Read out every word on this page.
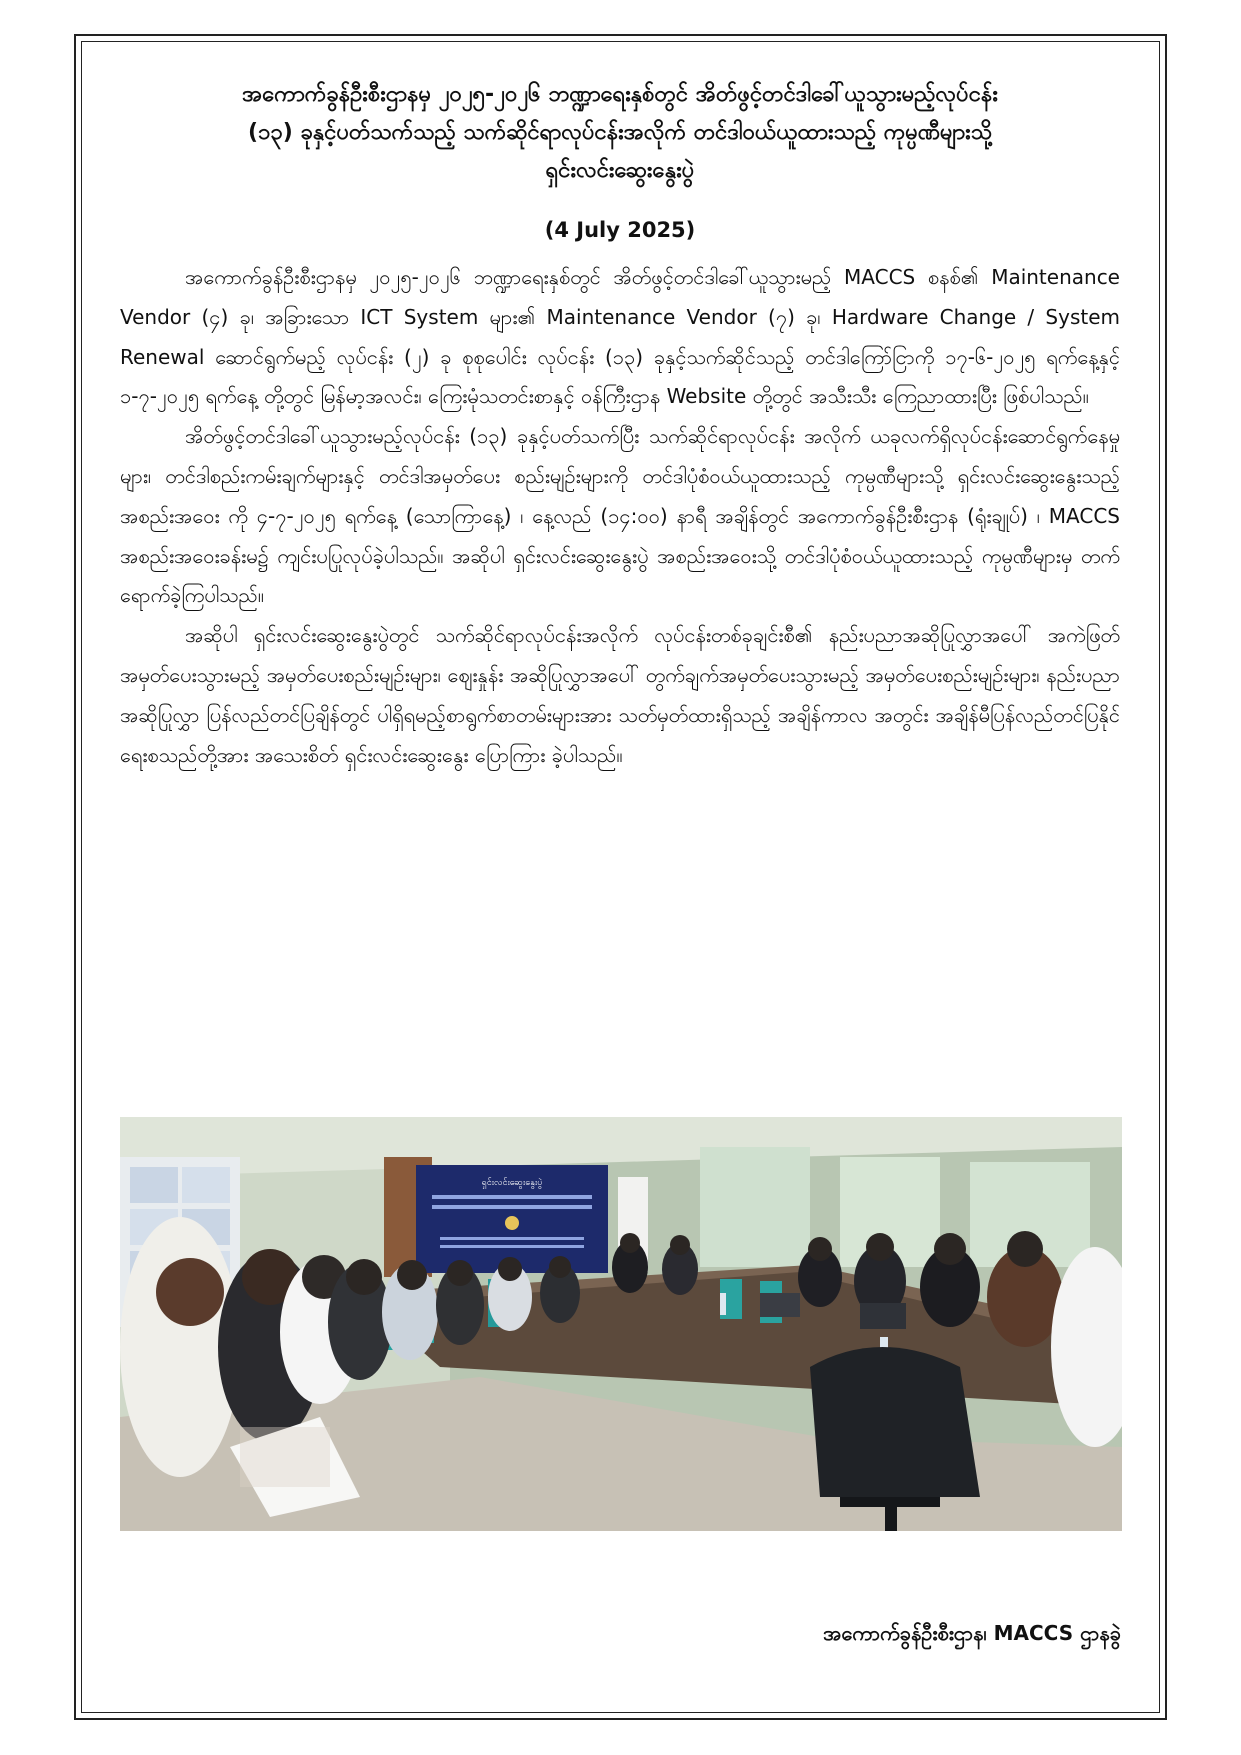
အကောက်ခွန်ဦးစီးဌာနမှ ၂၀၂၅-၂၀၂၆ ဘဏ္ဍာရေးနှစ်တွင် အိတ်ဖွင့်တင်ဒါခေါ်ယူသွားမည့်လုပ်ငန်း
(၁၃) ခုနှင့်ပတ်သက်သည့် သက်ဆိုင်ရာလုပ်ငန်းအလိုက် တင်ဒါဝယ်ယူထားသည့် ကုမ္ပဏီများသို့
ရှင်းလင်းဆွေးနွေးပွဲ

(4 July 2025)

အကောက်ခွန်ဦးစီးဌာနမှ ၂၀၂၅-၂၀၂၆ ဘဏ္ဍာရေးနှစ်တွင် အိတ်ဖွင့်တင်ဒါခေါ်ယူသွားမည့် MACCS စနစ်၏ Maintenance Vendor (၄) ခု၊ အခြားသော ICT System များ၏ Maintenance Vendor (၇) ခု၊ Hardware Change / System Renewal ဆောင်ရွက်မည့် လုပ်ငန်း (၂) ခု စုစုပေါင်း လုပ်ငန်း (၁၃) ခုနှင့်သက်ဆိုင်သည့် တင်ဒါကြော်ငြာကို ၁၇-၆-၂၀၂၅ ရက်နေ့နှင့် ၁-၇-၂၀၂၅ ရက်နေ့ တို့တွင် မြန်မာ့အလင်း၊ ကြေးမုံသတင်းစာနှင့် ဝန်ကြီးဌာန Website တို့တွင် အသီးသီး ကြေညာထားပြီး ဖြစ်ပါသည်။

အိတ်ဖွင့်တင်ဒါခေါ်ယူသွားမည့်လုပ်ငန်း (၁၃) ခုနှင့်ပတ်သက်ပြီး သက်ဆိုင်ရာလုပ်ငန်း အလိုက် ယခုလက်ရှိလုပ်ငန်းဆောင်ရွက်နေမှုများ၊ တင်ဒါစည်းကမ်းချက်များနှင့် တင်ဒါအမှတ်ပေး စည်းမျဉ်းများကို တင်ဒါပုံစံဝယ်ယူထားသည့် ကုမ္ပဏီများသို့ ရှင်းလင်းဆွေးနွေးသည့် အစည်းအဝေး ကို ၄-၇-၂၀၂၅ ရက်နေ့ (သောကြာနေ့) ၊ နေ့လည် (၁၄:၀၀) နာရီ အချိန်တွင် အကောက်ခွန်ဦးစီးဌာန (ရုံးချုပ်) ၊ MACCS အစည်းအဝေးခန်းမ၌ ကျင်းပပြုလုပ်ခဲ့ပါသည်။ အဆိုပါ ရှင်းလင်းဆွေးနွေးပွဲ အစည်းအဝေးသို့ တင်ဒါပုံစံဝယ်ယူထားသည့် ကုမ္ပဏီများမှ တက်ရောက်ခဲ့ကြပါသည်။

အဆိုပါ ရှင်းလင်းဆွေးနွေးပွဲတွင် သက်ဆိုင်ရာလုပ်ငန်းအလိုက် လုပ်ငန်းတစ်ခုချင်းစီ၏ နည်းပညာအဆိုပြုလွှာအပေါ် အကဲဖြတ်အမှတ်ပေးသွားမည့် အမှတ်ပေးစည်းမျဉ်းများ၊ ဈေးနှုန်း အဆိုပြုလွှာအပေါ် တွက်ချက်အမှတ်ပေးသွားမည့် အမှတ်ပေးစည်းမျဉ်းများ၊ နည်းပညာအဆိုပြုလွှာ ပြန်လည်တင်ပြချိန်တွင် ပါရှိရမည့်စာရွက်စာတမ်းများအား သတ်မှတ်ထားရှိသည့် အချိန်ကာလ အတွင်း အချိန်မီပြန်လည်တင်ပြနိုင်ရေးစသည်တို့အား အသေးစိတ် ရှင်းလင်းဆွေးနွေး ပြောကြား ခဲ့ပါသည်။

ရှင်းလင်းဆွေးနွေးပွဲ

အကောက်ခွန်ဦးစီးဌာန၊ MACCS ဌာနခွဲ
